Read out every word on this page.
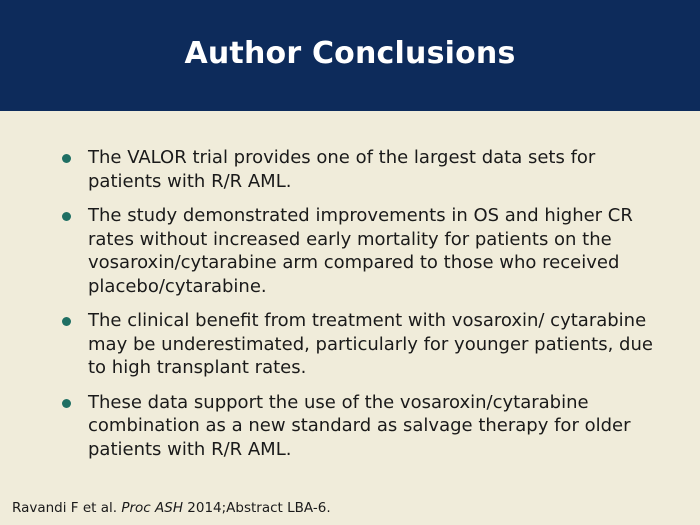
Author Conclusions
The VALOR trial provides one of the largest data sets for patients with R/R AML.
The study demonstrated improvements in OS and higher CR rates without increased early mortality for patients on the vosaroxin/cytarabine arm compared to those who received placebo/cytarabine.
The clinical benefit from treatment with vosaroxin/ cytarabine may be underestimated, particularly for younger patients, due to high transplant rates.
These data support the use of the vosaroxin/cytarabine combination as a new standard as salvage therapy for older patients with R/R AML.
Ravandi F et al. Proc ASH 2014;Abstract LBA-6.
